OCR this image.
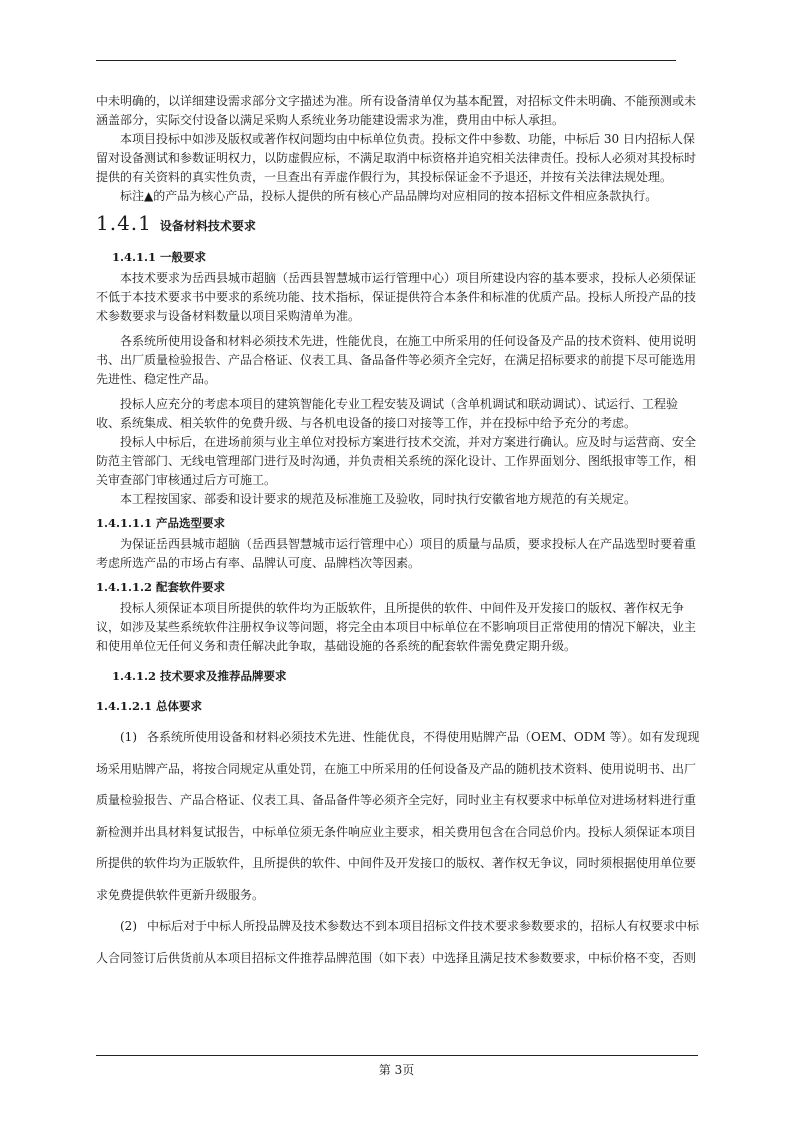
中未明确的，以详细建设需求部分文字描述为准。所有设备清单仅为基本配置，对招标文件未明确、不能预测或未涵盖部分，实际交付设备以满足采购人系统业务功能建设需求为准，费用由中标人承担。

本项目投标中如涉及版权或著作权问题均由中标单位负责。投标文件中参数、功能，中标后 30 日内招标人保留对设备测试和参数证明权力，以防虚假应标，不满足取消中标资格并追究相关法律责任。投标人必须对其投标时提供的有关资料的真实性负责，一旦查出有弄虚作假行为，其投标保证金不予退还，并按有关法律法规处理。

标注▲的产品为核心产品，投标人提供的所有核心产品品牌均对应相同的按本招标文件相应条款执行。

1.4.1 设备材料技术要求
1.4.1.1 一般要求

本技术要求为岳西县城市超脑（岳西县智慧城市运行管理中心）项目所建设内容的基本要求，投标人必须保证不低于本技术要求书中要求的系统功能、技术指标，保证提供符合本条件和标准的优质产品。投标人所投产品的技术参数要求与设备材料数量以项目采购清单为准。

各系统所使用设备和材料必须技术先进，性能优良，在施工中所采用的任何设备及产品的技术资料、使用说明书、出厂质量检验报告、产品合格证、仪表工具、备品备件等必须齐全完好，在满足招标要求的前提下尽可能选用先进性、稳定性产品。

投标人应充分的考虑本项目的建筑智能化专业工程安装及调试（含单机调试和联动调试）、试运行、工程验收、系统集成、相关软件的免费升级、与各机电设备的接口对接等工作，并在投标中给予充分的考虑。

投标人中标后，在进场前须与业主单位对投标方案进行技术交流，并对方案进行确认。应及时与运营商、安全防范主管部门、无线电管理部门进行及时沟通，并负责相关系统的深化设计、工作界面划分、图纸报审等工作，相关审查部门审核通过后方可施工。

本工程按国家、部委和设计要求的规范及标准施工及验收，同时执行安徽省地方规范的有关规定。

1.4.1.1.1 产品选型要求

为保证岳西县城市超脑（岳西县智慧城市运行管理中心）项目的质量与品质，要求投标人在产品选型时要着重考虑所选产品的市场占有率、品牌认可度、品牌档次等因素。

1.4.1.1.2 配套软件要求

投标人须保证本项目所提供的软件均为正版软件，且所提供的软件、中间件及开发接口的版权、著作权无争议，如涉及某些系统软件注册权争议等问题，将完全由本项目中标单位在不影响项目正常使用的情况下解决，业主和使用单位无任何义务和责任解决此争取，基础设施的各系统的配套软件需免费定期升级。

1.4.1.2 技术要求及推荐品牌要求
1.4.1.2.1 总体要求

(1) 各系统所使用设备和材料必须技术先进、性能优良，不得使用贴牌产品（OEM、ODM 等）。如有发现现场采用贴牌产品，将按合同规定从重处罚，在施工中所采用的任何设备及产品的随机技术资料、使用说明书、出厂质量检验报告、产品合格证、仪表工具、备品备件等必须齐全完好，同时业主有权要求中标单位对进场材料进行重新检测并出具材料复试报告，中标单位须无条件响应业主要求，相关费用包含在合同总价内。投标人须保证本项目所提供的软件均为正版软件，且所提供的软件、中间件及开发接口的版权、著作权无争议，同时须根据使用单位要求免费提供软件更新升级服务。

(2) 中标后对于中标人所投品牌及技术参数达不到本项目招标文件技术要求参数要求的，招标人有权要求中标人合同签订后供货前从本项目招标文件推荐品牌范围（如下表）中选择且满足技术参数要求，中标价格不变，否则

第 3页
